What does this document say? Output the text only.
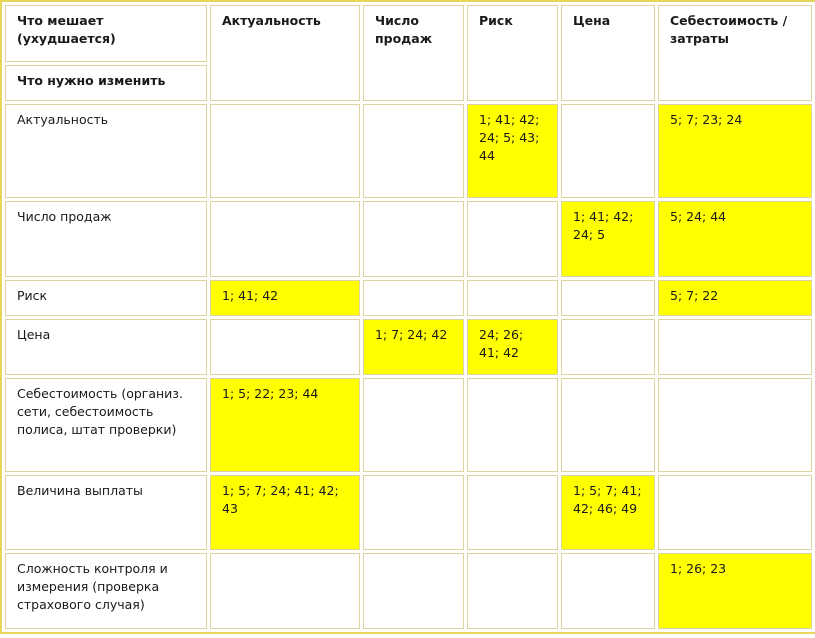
Что мешает (ухудшается)	Актуальность	Число продаж	Риск	Цена	Себестоимость /затраты
Что нужно изменить					
Актуальность			1; 41; 42; 24; 5; 43; 44		5; 7; 23; 24
Число продаж				1; 41; 42; 24; 5	5; 24; 44
Риск	1; 41; 42				5; 7; 22
Цена		1; 7; 24; 42	24; 26; 41; 42		
Себестоимость (организ. сети, себестоимость полиса, штат проверки)	1; 5; 22; 23; 44				
Величина выплаты	1; 5; 7; 24; 41; 42; 43			1; 5; 7; 41; 42; 46; 49	
Сложность контроля и измерения (проверка страхового случая)					1; 26; 23
